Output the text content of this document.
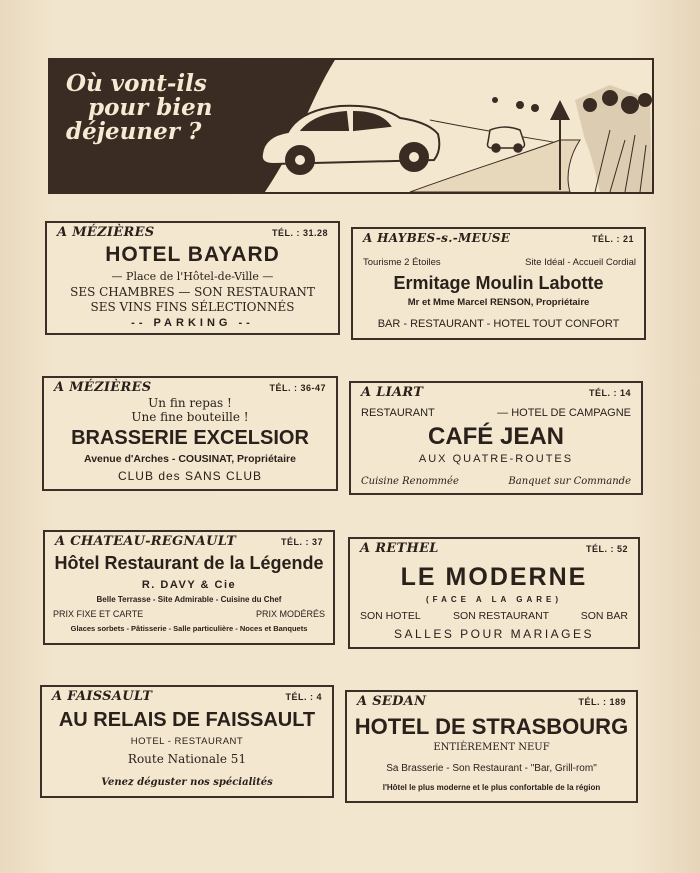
Où vont-ils
pour bien
déjeuner ?
A MÉZIÈRES	TÉL. : 31.28
HOTEL BAYARD
— Place de l'Hôtel-de-Ville —
SES CHAMBRES — SON RESTAURANT
SES VINS FINS SÉLECTIONNÉS
-- PARKING --
A HAYBES-s.-MEUSE	TÉL. : 21
Tourisme 2 Étoiles	Site Idéal - Accueil Cordial
Ermitage Moulin Labotte
Mr et Mme Marcel RENSON, Propriétaire
BAR - RESTAURANT - HOTEL TOUT CONFORT
A MÉZIÈRES	TÉL. : 36-47
Un fin repas !
Une fine bouteille !
BRASSERIE EXCELSIOR
Avenue d'Arches - COUSINAT, Propriétaire
CLUB des SANS CLUB
A LIART	TÉL. : 14
RESTAURANT	— HOTEL DE CAMPAGNE
CAFÉ JEAN
AUX QUATRE-ROUTES
Cuisine Renommée	Banquet sur Commande
A CHATEAU-REGNAULT	TÉL. : 37
Hôtel Restaurant de la Légende
R. DAVY & Cie
Belle Terrasse - Site Admirable - Cuisine du Chef
PRIX FIXE ET CARTE	PRIX MODÉRÉS
Glaces sorbets - Pâtisserie - Salle particulière - Noces et Banquets
A RETHEL	TÉL. : 52
LE MODERNE
(FACE A LA GARE)
SON HOTEL	SON RESTAURANT	SON BAR
SALLES POUR MARIAGES
A FAISSAULT	TÉL. : 4
AU RELAIS DE FAISSAULT
HOTEL - RESTAURANT
Route Nationale 51
Venez déguster nos spécialités
A SEDAN	TÉL. : 189
HOTEL DE STRASBOURG
ENTIÈREMENT NEUF
Sa Brasserie - Son Restaurant - "Bar, Grill-rom"
l'Hôtel le plus moderne et le plus confortable de la région
